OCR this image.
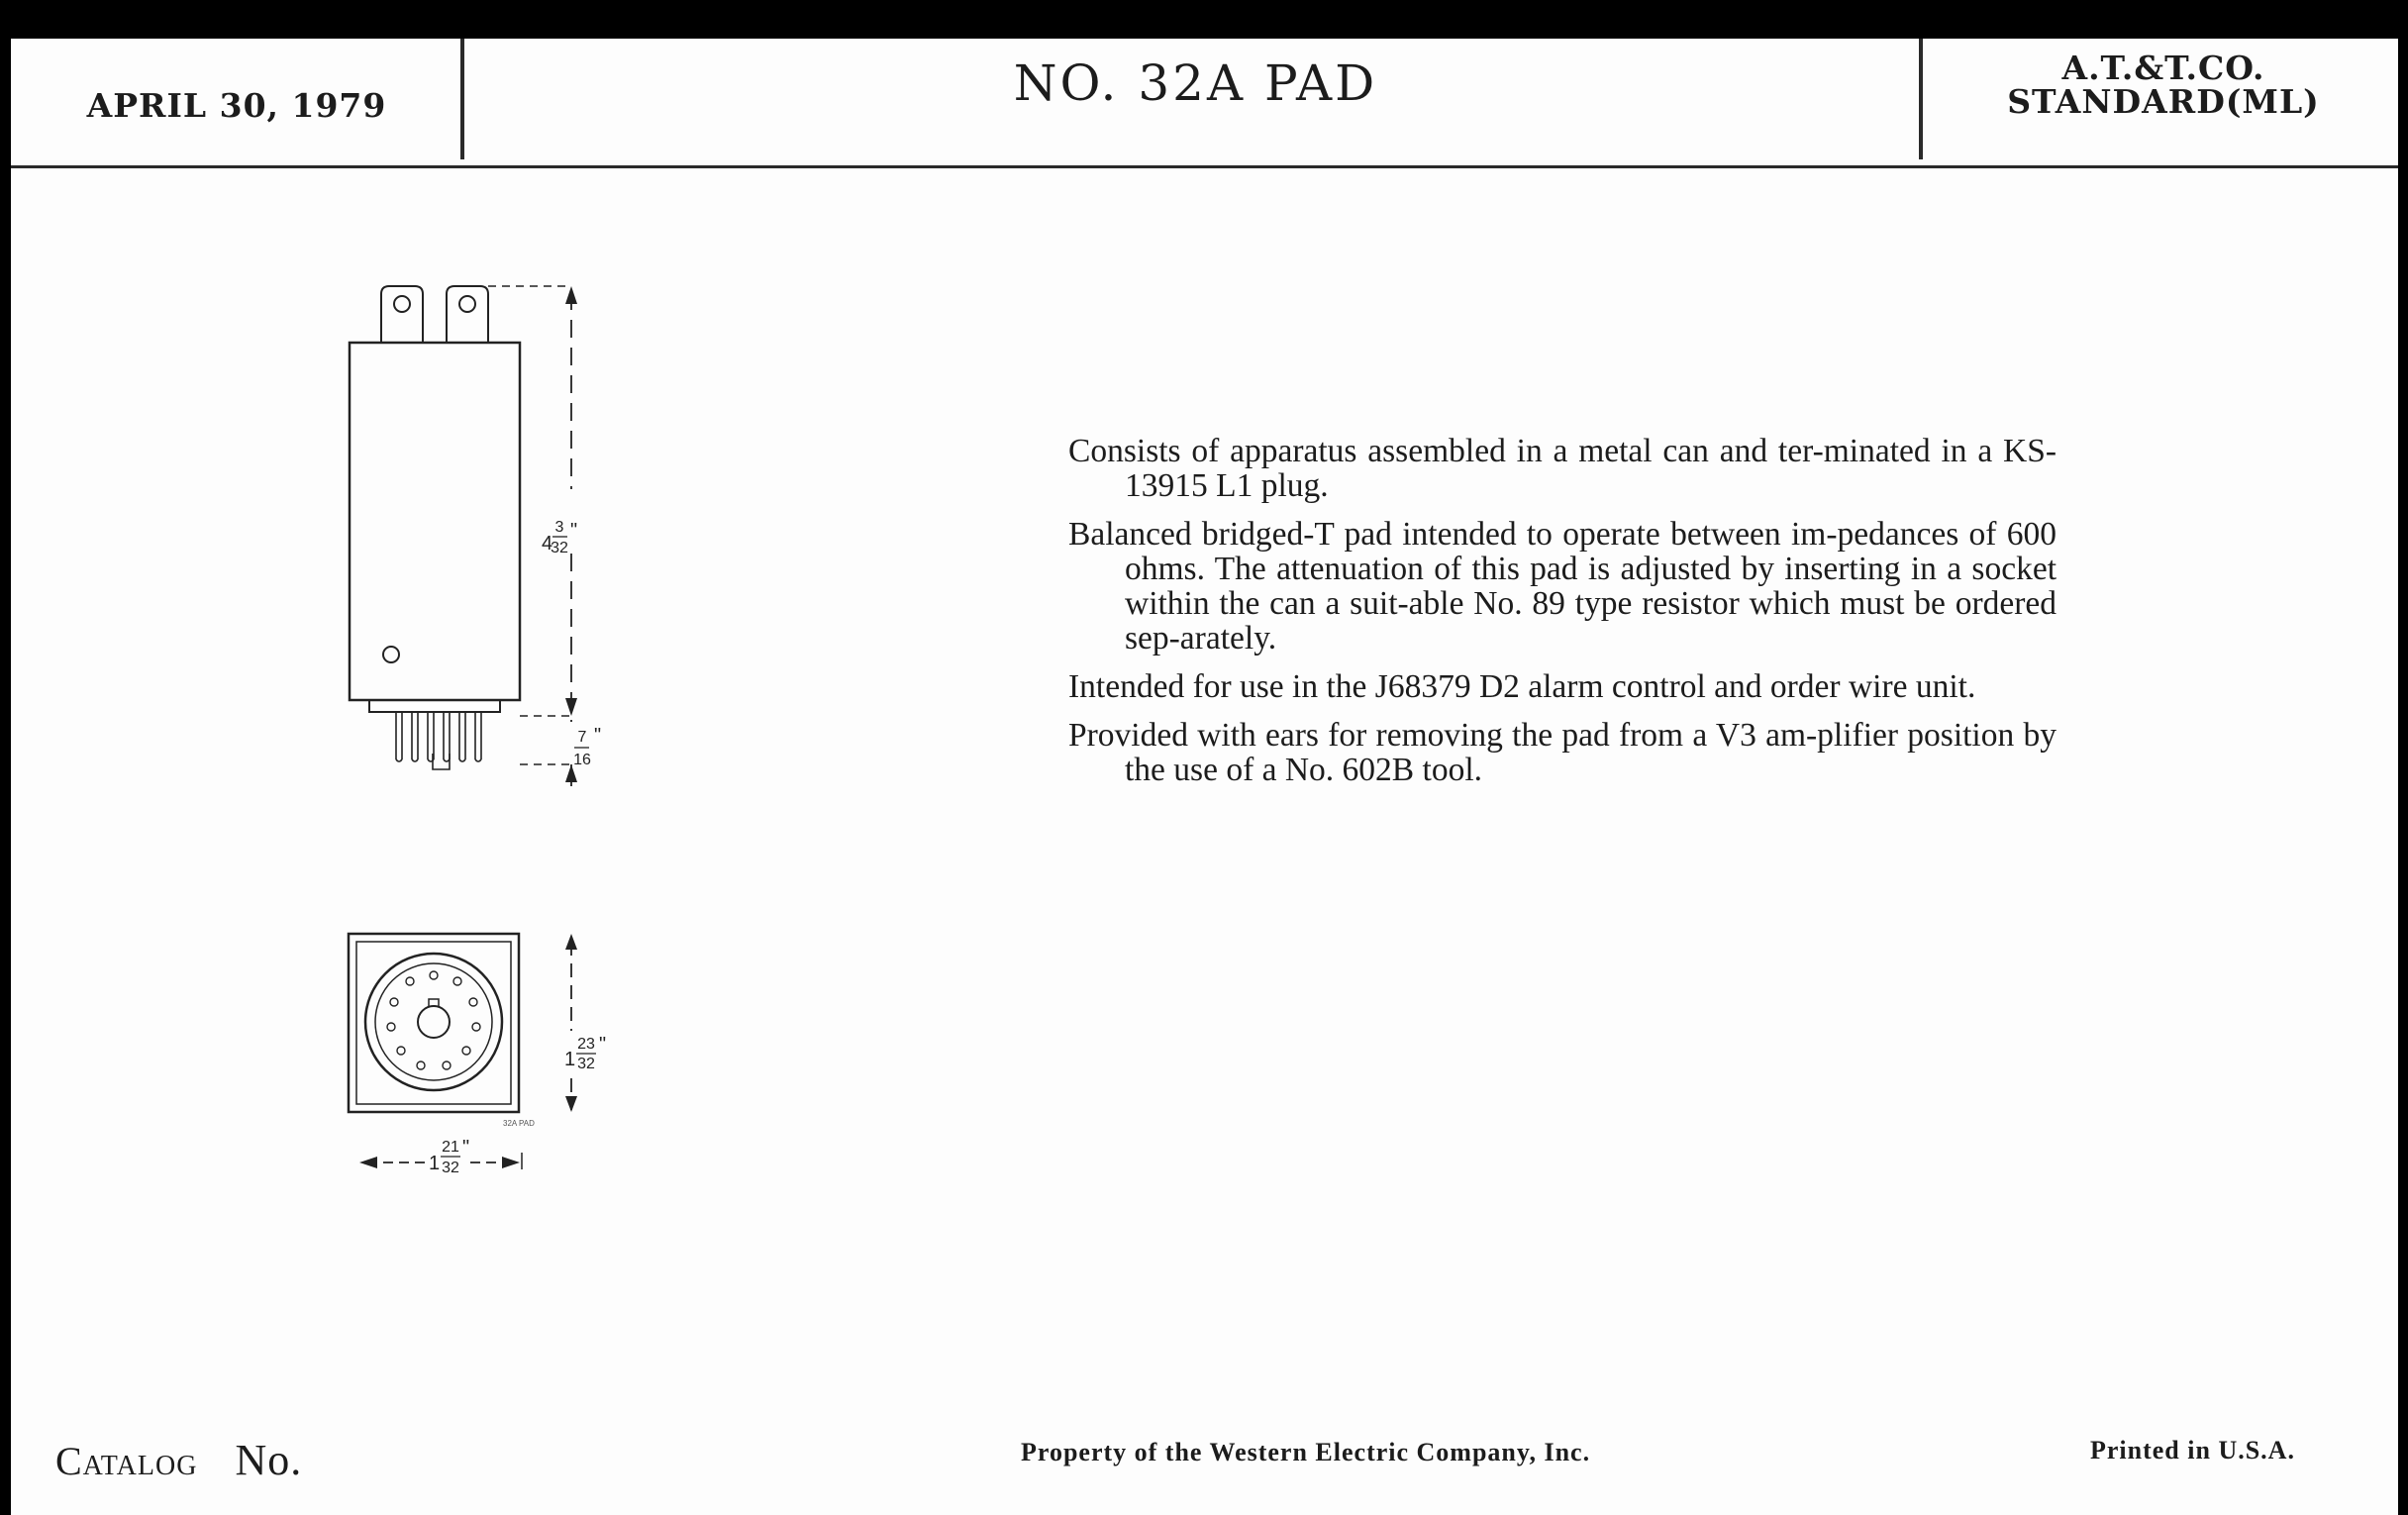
APRIL 30, 1979	NO. 32A PAD	A.T.&T.CO.
STANDARD(ML)
4
3
32
"
7
16
"
1
23
32
"
1
21
32
"
32A PAD

Consists of apparatus assembled in a metal can and ter-minated in a KS-13915 L1 plug.

Balanced bridged-T pad intended to operate between im-pedances of 600 ohms. The attenuation of this pad is adjusted by inserting in a socket within the can a suit-able No. 89 type resistor which must be ordered sep-arately.

Intended for use in the J68379 D2 alarm control and order wire unit.

Provided with ears for removing the pad from a V3 am-plifier position by the use of a No. 602B tool.

Catalog No.	Property of the Western Electric Company, Inc.	Printed in U.S.A.
